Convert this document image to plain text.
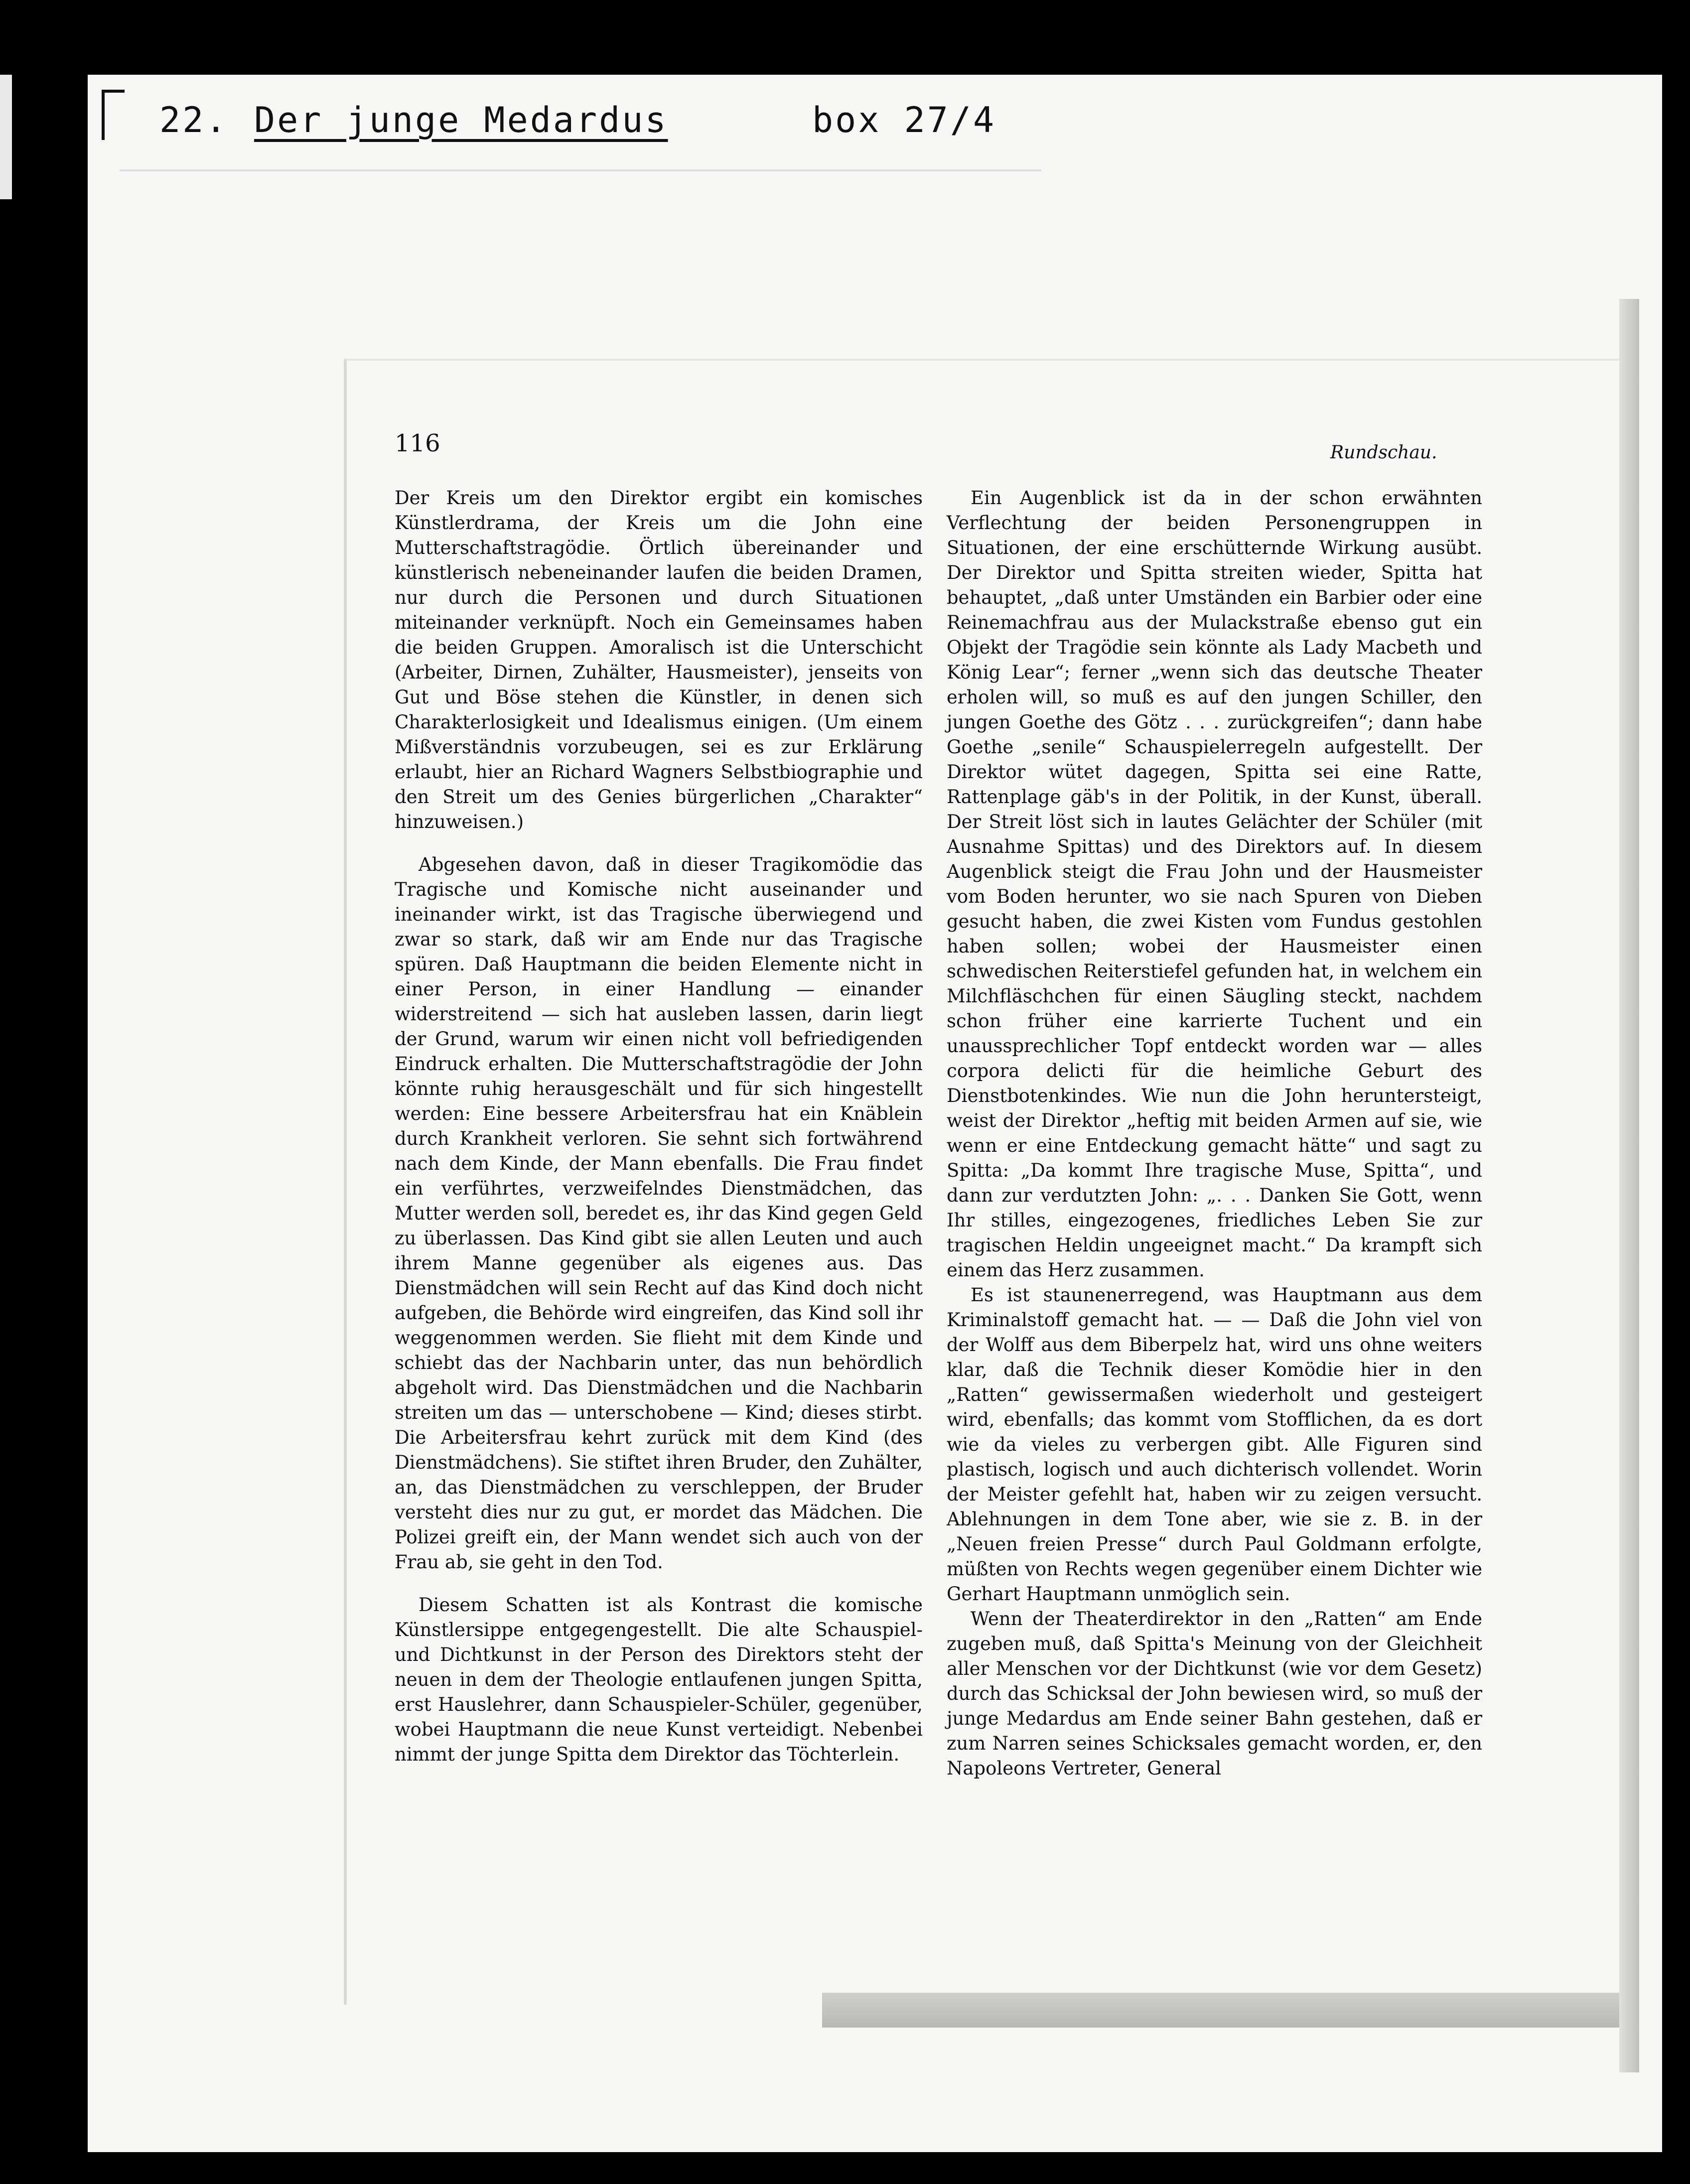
22. Der junge Medardus	box 27/4
116	Rundschau.

Der Kreis um den Direktor ergibt ein komisches Künstlerdrama, der Kreis um die John eine Mutterschaftstragödie. Örtlich übereinander und künstlerisch nebeneinander laufen die beiden Dramen, nur durch die Personen und durch Situationen miteinander verknüpft. Noch ein Gemeinsames haben die beiden Gruppen. Amoralisch ist die Unterschicht (Arbeiter, Dirnen, Zuhälter, Hausmeister), jenseits von Gut und Böse stehen die Künstler, in denen sich Charakterlosigkeit und Idealismus einigen. (Um einem Mißverständnis vorzubeugen, sei es zur Erklärung erlaubt, hier an Richard Wagners Selbstbiographie und den Streit um des Genies bürgerlichen „Charakter“ hinzuweisen.)

Abgesehen davon, daß in dieser Tragikomödie das Tragische und Komische nicht auseinander und ineinander wirkt, ist das Tragische überwiegend und zwar so stark, daß wir am Ende nur das Tragische spüren. Daß Hauptmann die beiden Elemente nicht in einer Person, in einer Handlung — einander widerstreitend — sich hat ausleben lassen, darin liegt der Grund, warum wir einen nicht voll befriedigenden Eindruck erhalten. Die Mutterschaftstragödie der John könnte ruhig herausgeschält und für sich hingestellt werden: Eine bessere Arbeitersfrau hat ein Knäblein durch Krankheit verloren. Sie sehnt sich fortwährend nach dem Kinde, der Mann ebenfalls. Die Frau findet ein verführtes, verzweifelndes Dienstmädchen, das Mutter werden soll, beredet es, ihr das Kind gegen Geld zu überlassen. Das Kind gibt sie allen Leuten und auch ihrem Manne gegenüber als eigenes aus. Das Dienstmädchen will sein Recht auf das Kind doch nicht aufgeben, die Behörde wird eingreifen, das Kind soll ihr weggenommen werden. Sie flieht mit dem Kinde und schiebt das der Nachbarin unter, das nun behördlich abgeholt wird. Das Dienstmädchen und die Nachbarin streiten um das — unterschobene — Kind; dieses stirbt. Die Arbeitersfrau kehrt zurück mit dem Kind (des Dienstmädchens). Sie stiftet ihren Bruder, den Zuhälter, an, das Dienstmädchen zu verschleppen, der Bruder versteht dies nur zu gut, er mordet das Mädchen. Die Polizei greift ein, der Mann wendet sich auch von der Frau ab, sie geht in den Tod.

Diesem Schatten ist als Kontrast die komische Künstlersippe entgegengestellt. Die alte Schauspiel- und Dichtkunst in der Person des Direktors steht der neuen in dem der Theologie entlaufenen jungen Spitta, erst Hauslehrer, dann Schauspieler-Schüler, gegenüber, wobei Hauptmann die neue Kunst verteidigt. Nebenbei nimmt der junge Spitta dem Direktor das Töchterlein.

Ein Augenblick ist da in der schon erwähnten Verflechtung der beiden Personengruppen in Situationen, der eine erschütternde Wirkung ausübt. Der Direktor und Spitta streiten wieder, Spitta hat behauptet, „daß unter Umständen ein Barbier oder eine Reinemachfrau aus der Mulackstraße ebenso gut ein Objekt der Tragödie sein könnte als Lady Macbeth und König Lear“; ferner „wenn sich das deutsche Theater erholen will, so muß es auf den jungen Schiller, den jungen Goethe des Götz . . . zurückgreifen“; dann habe Goethe „senile“ Schauspielerregeln aufgestellt. Der Direktor wütet dagegen, Spitta sei eine Ratte, Rattenplage gäb's in der Politik, in der Kunst, überall. Der Streit löst sich in lautes Gelächter der Schüler (mit Ausnahme Spittas) und des Direktors auf. In diesem Augenblick steigt die Frau John und der Hausmeister vom Boden herunter, wo sie nach Spuren von Dieben gesucht haben, die zwei Kisten vom Fundus gestohlen haben sollen; wobei der Hausmeister einen schwedischen Reiterstiefel gefunden hat, in welchem ein Milchfläschchen für einen Säugling steckt, nachdem schon früher eine karrierte Tuchent und ein unaussprechlicher Topf entdeckt worden war — alles corpora delicti für die heimliche Geburt des Dienstbotenkindes. Wie nun die John heruntersteigt, weist der Direktor „heftig mit beiden Armen auf sie, wie wenn er eine Entdeckung gemacht hätte“ und sagt zu Spitta: „Da kommt Ihre tragische Muse, Spitta“, und dann zur verdutzten John: „. . . Danken Sie Gott, wenn Ihr stilles, eingezogenes, friedliches Leben Sie zur tragischen Heldin ungeeignet macht.“ Da krampft sich einem das Herz zusammen.

Es ist staunenerregend, was Hauptmann aus dem Kriminalstoff gemacht hat. — — Daß die John viel von der Wolff aus dem Biberpelz hat, wird uns ohne weiters klar, daß die Technik dieser Komödie hier in den „Ratten“ gewissermaßen wiederholt und gesteigert wird, ebenfalls; das kommt vom Stofflichen, da es dort wie da vieles zu verbergen gibt. Alle Figuren sind plastisch, logisch und auch dichterisch vollendet. Worin der Meister gefehlt hat, haben wir zu zeigen versucht. Ablehnungen in dem Tone aber, wie sie z. B. in der „Neuen freien Presse“ durch Paul Goldmann erfolgte, müßten von Rechts wegen gegenüber einem Dichter wie Gerhart Hauptmann unmöglich sein.

Wenn der Theaterdirektor in den „Ratten“ am Ende zugeben muß, daß Spitta's Meinung von der Gleichheit aller Menschen vor der Dichtkunst (wie vor dem Gesetz) durch das Schicksal der John bewiesen wird, so muß der junge Medardus am Ende seiner Bahn gestehen, daß er zum Narren seines Schicksales gemacht worden, er, den Napoleons Vertreter, General
